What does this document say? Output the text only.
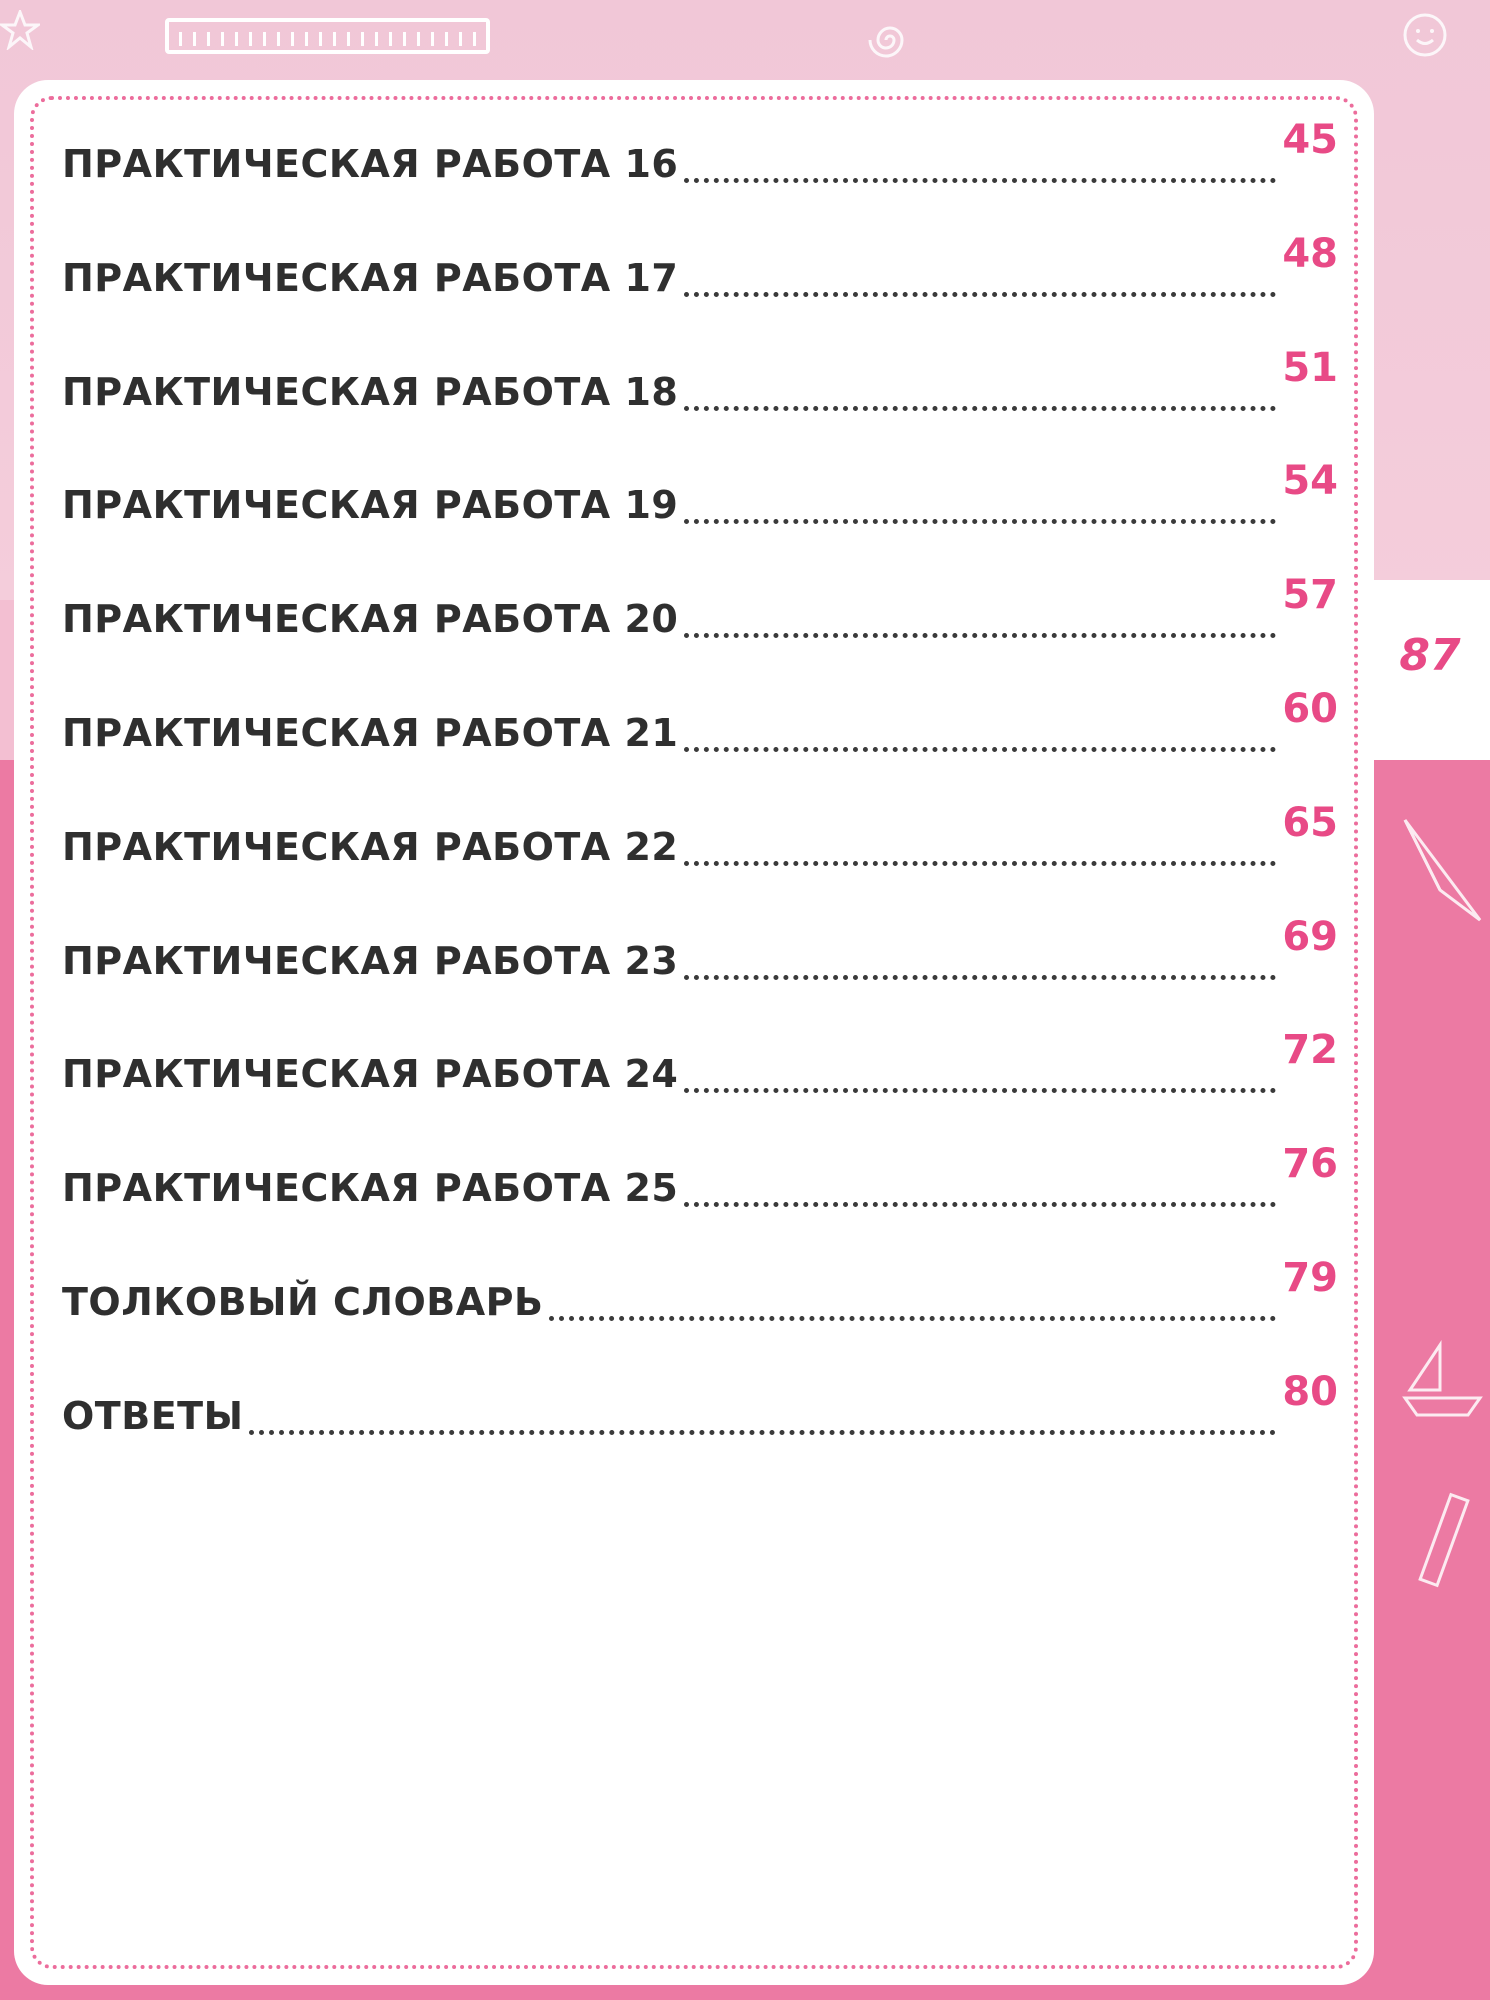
87
ПРАКТИЧЕСКАЯ РАБОТА 16
45
ПРАКТИЧЕСКАЯ РАБОТА 17
48
ПРАКТИЧЕСКАЯ РАБОТА 18
51
ПРАКТИЧЕСКАЯ РАБОТА 19
54
ПРАКТИЧЕСКАЯ РАБОТА 20
57
ПРАКТИЧЕСКАЯ РАБОТА 21
60
ПРАКТИЧЕСКАЯ РАБОТА 22
65
ПРАКТИЧЕСКАЯ РАБОТА 23
69
ПРАКТИЧЕСКАЯ РАБОТА 24
72
ПРАКТИЧЕСКАЯ РАБОТА 25
76
ТОЛКОВЫЙ СЛОВАРЬ
79
ОТВЕТЫ
80
